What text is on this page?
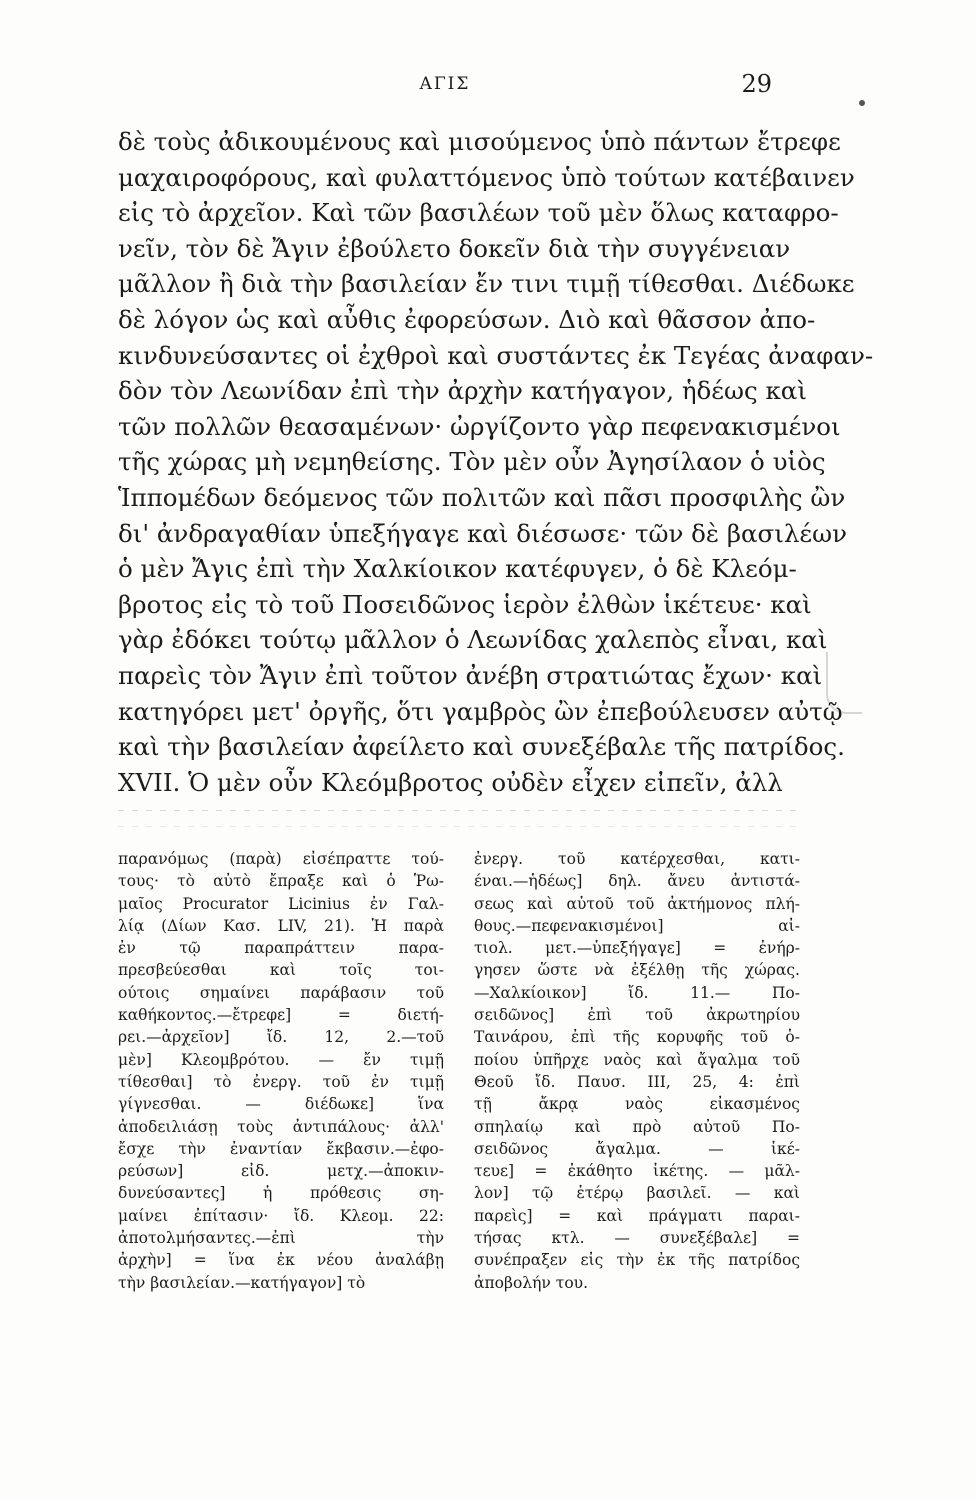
ΑΓΙΣ	29
δὲ τοὺς ἀδικουμένους καὶ μισούμενος ὑπὸ πάντων ἔτρεφε
μαχαιροφόρους, καὶ φυλαττόμενος ὑπὸ τούτων κατέβαινεν
εἰς τὸ ἀρχεῖον. Καὶ τῶν βασιλέων τοῦ μὲν ὅλως καταφρο-
νεῖν, τὸν δὲ Ἄγιν ἐβούλετο δοκεῖν διὰ τὴν συγγένειαν
μᾶλλον ἢ διὰ τὴν βασιλείαν ἔν τινι τιμῇ τίθεσθαι. Διέδωκε
δὲ λόγον ὡς καὶ αὖθις ἐφορεύσων. Διὸ καὶ θᾶσσον ἀπο-
κινδυνεύσαντες οἱ ἐχθροὶ καὶ συστάντες ἐκ Τεγέας ἀναφαν-
δὸν τὸν Λεωνίδαν ἐπὶ τὴν ἀρχὴν κατήγαγον, ἡδέως καὶ
τῶν πολλῶν θεασαμένων· ὠργίζοντο γὰρ πεφενακισμένοι
τῆς χώρας μὴ νεμηθείσης. Τὸν μὲν οὖν Ἀγησίλαον ὁ υἱὸς
Ἱππομέδων δεόμενος τῶν πολιτῶν καὶ πᾶσι προσφιλὴς ὢν
δι' ἀνδραγαθίαν ὑπεξήγαγε καὶ διέσωσε· τῶν δὲ βασιλέων
ὁ μὲν Ἄγις ἐπὶ τὴν Χαλκίοικον κατέφυγεν, ὁ δὲ Κλεόμ-
βροτος εἰς τὸ τοῦ Ποσειδῶνος ἱερὸν ἐλθὼν ἱκέτευε· καὶ
γὰρ ἐδόκει τούτῳ μᾶλλον ὁ Λεωνίδας χαλεπὸς εἶναι, καὶ
παρεὶς τὸν Ἄγιν ἐπὶ τοῦτον ἀνέβη στρατιώτας ἔχων· καὶ
κατηγόρει μετ' ὀργῆς, ὅτι γαμβρὸς ὢν ἐπεβούλευσεν αὐτῷ
καὶ τὴν βασιλείαν ἀφείλετο καὶ συνεξέβαλε τῆς πατρίδος.
XVII. Ὁ μὲν οὖν Κλεόμβροτος οὐδὲν εἶχεν εἰπεῖν, ἀλλ
παρανόμως (παρὰ) εἰσέπραττε τού-
τους· τὸ αὐτὸ ἔπραξε καὶ ὁ Ῥω-
μαῖος Procurator Licinius ἐν Γαλ-
λίᾳ (Δίων Κασ. LIV, 21). Ἡ παρὰ
ἐν τῷ παραπράττειν παρα-
πρεσβεύεσθαι καὶ τοῖς τοι-
ούτοις σημαίνει παράβασιν τοῦ
καθήκοντος.—ἔτρεφε] = διετή-
ρει.—ἀρχεῖον] ἴδ. 12, 2.—τοῦ
μὲν] Κλεομβρότου. — ἔν τιμῇ
τίθεσθαι] τὸ ἐνεργ. τοῦ ἐν τιμῇ
γίγνεσθαι. — διέδωκε] ἵνα
ἀποδειλιάσῃ τοὺς ἀντιπάλους· ἀλλ'
ἔσχε τὴν ἐναντίαν ἔκβασιν.—ἐφο-
ρεύσων] εἰδ. μετχ.—ἀποκιν-
δυνεύσαντες] ἡ πρόθεσις ση-
μαίνει ἐπίτασιν· ἴδ. Κλεομ. 22:
ἀποτολμήσαντες.—ἐπὶ τὴν
ἀρχὴν] = ἵνα ἐκ νέου ἀναλάβῃ
τὴν βασιλείαν.—κατήγαγον] τὸ
ἐνεργ. τοῦ κατέρχεσθαι, κατι-
έναι.—ἡδέως] δηλ. ἄνευ ἀντιστά-
σεως καὶ αὐτοῦ τοῦ ἀκτήμονος πλή-
θους.—πεφενακισμένοι] αἰ-
τιολ. μετ.—ὑπεξήγαγε] = ἐνήρ-
γησεν ὥστε νὰ ἐξέλθῃ τῆς χώρας.
—Χαλκίοικον] ἴδ. 11.— Πο-
σειδῶνος] ἐπὶ τοῦ ἀκρωτηρίου
Ταινάρου, ἐπὶ τῆς κορυφῆς τοῦ ὁ-
ποίου ὑπῆρχε ναὸς καὶ ἄγαλμα τοῦ
Θεοῦ ἴδ. Παυσ. III, 25, 4: ἐπὶ
τῇ ἄκρᾳ ναὸς εἰκασμένος
σπηλαίῳ καὶ πρὸ αὐτοῦ Πο-
σειδῶνος ἄγαλμα. — ἱκέ-
τευε] = ἐκάθητο ἱκέτης. — μᾶλ-
λον] τῷ ἑτέρῳ βασιλεῖ. — καὶ
παρεὶς] = καὶ πράγματι παραι-
τήσας κτλ. — συνεξέβαλε] =
συνέπραξεν εἰς τὴν ἐκ τῆς πατρίδος
ἀποβολήν του.
